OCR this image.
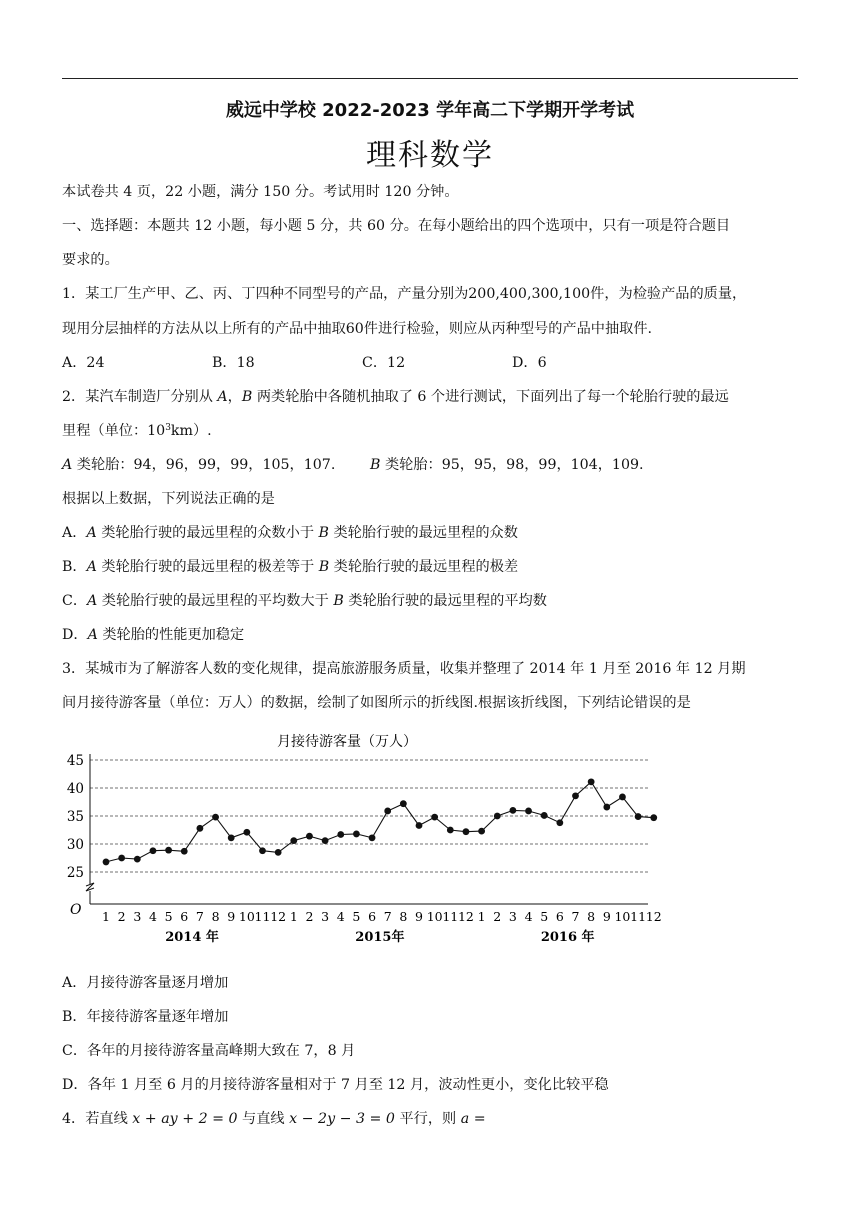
威远中学校 2022-2023 学年高二下学期开学考试
理科数学
本试卷共 4 页，22 小题，满分 150 分。考试用时 120 分钟。
一、选择题：本题共 12 小题，每小题 5 分，共 60 分。在每小题给出的四个选项中，只有一项是符合题目
要求的。
1．某工厂生产甲、乙、丙、丁四种不同型号的产品，产量分别为200,400,300,100件，为检验产品的质量，
现用分层抽样的方法从以上所有的产品中抽取60件进行检验，则应从丙种型号的产品中抽取件.
A．24	B．18	C．12	D．6
2．某汽车制造厂分别从 A，B 两类轮胎中各随机抽取了 6 个进行测试，下面列出了每一个轮胎行驶的最远
里程（单位：$10^3km$）.
A 类轮胎：94，96，99，99，105，107. B 类轮胎：95，95，98，99，104，109.
根据以上数据，下列说法正确的是
A．A 类轮胎行驶的最远里程的众数小于 B 类轮胎行驶的最远里程的众数
B．A 类轮胎行驶的最远里程的极差等于 B 类轮胎行驶的最远里程的极差
C．A 类轮胎行驶的最远里程的平均数大于 B 类轮胎行驶的最远里程的平均数
D．A 类轮胎的性能更加稳定
3．某城市为了解游客人数的变化规律，提高旅游服务质量，收集并整理了 2014 年 1 月至 2016 年 12 月期
间月接待游客量（单位：万人）的数据，绘制了如图所示的折线图.根据该折线图，下列结论错误的是
月接待游客量（万人）
O
25
30
35
40
45
1 2 3 4 5 6 7 8 9 10 11 12 1 2 3 4 5 6 7 8 9 10 11 12 1 2 3 4 5 6 7 8 9 10 11 12
2014 年	2015年	2016 年
A．月接待游客量逐月增加
B．年接待游客量逐年增加
C．各年的月接待游客量高峰期大致在 7，8 月
D．各年 1 月至 6 月的月接待游客量相对于 7 月至 12 月，波动性更小，变化比较平稳
4．若直线 x + ay + 2 = 0 与直线 x − 2y − 3 = 0 平行，则 a =
